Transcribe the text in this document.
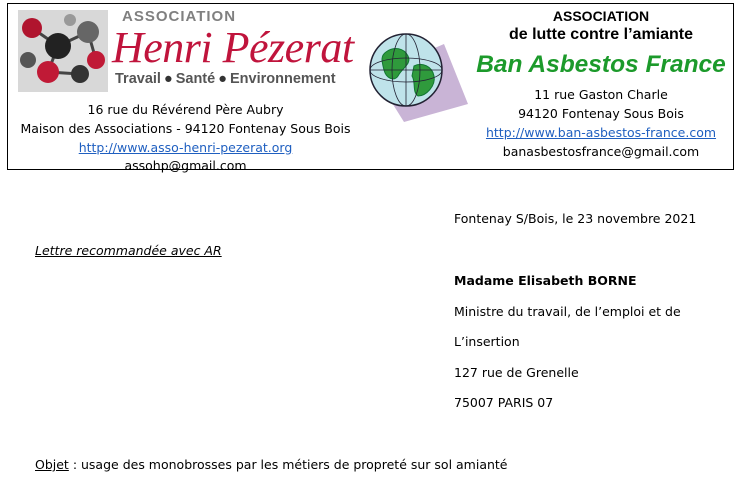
ASSOCIATION
Henri Pézerat
Travail ● Santé ● Environnement
16 rue du Révérend Père Aubry
Maison des Associations - 94120 Fontenay Sous Bois
http://www.asso-henri-pezerat.org
assohp@gmail.com
ASSOCIATION
de lutte contre l’amiante
Ban Asbestos France
11 rue Gaston Charle
94120 Fontenay Sous Bois
http://www.ban-asbestos-france.com
banasbestosfrance@gmail.com
Fontenay S/Bois, le 23 novembre 2021
Lettre recommandée avec AR
Madame Elisabeth BORNE
Ministre du travail, de l’emploi et de
L’insertion
127 rue de Grenelle
75007 PARIS 07
Objet : usage des monobrosses par les métiers de propreté sur sol amianté
